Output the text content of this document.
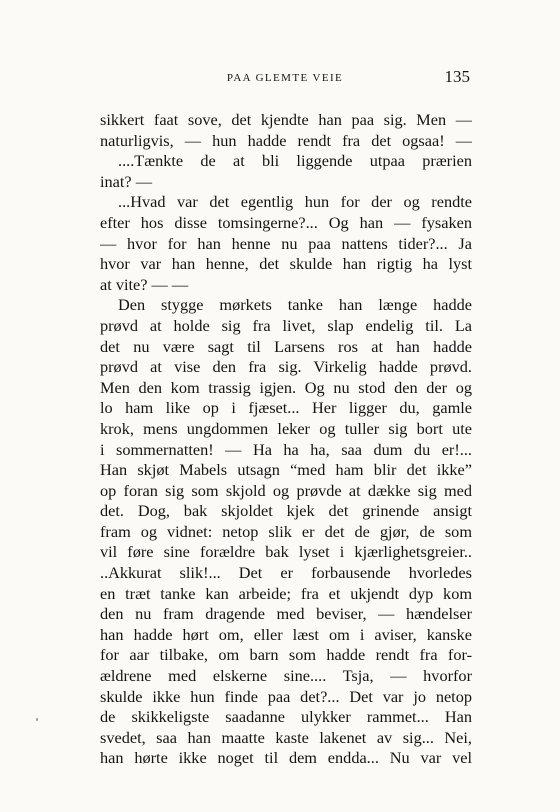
PAA GLEMTE VEIE	135
sikkert faat sove, det kjendte han paa sig. Men —
naturligvis, — hun hadde rendt fra det ogsaa! —
....Tænkte de at bli liggende utpaa prærien
inat? —
...Hvad var det egentlig hun for der og rendte
efter hos disse tomsingerne?... Og han — fysaken
— hvor for han henne nu paa nattens tider?... Ja
hvor var han henne, det skulde han rigtig ha lyst
at vite? — —
Den stygge mørkets tanke han længe hadde
prøvd at holde sig fra livet, slap endelig til. La
det nu være sagt til Larsens ros at han hadde
prøvd at vise den fra sig. Virkelig hadde prøvd.
Men den kom trassig igjen. Og nu stod den der og
lo ham like op i fjæset... Her ligger du, gamle
krok, mens ungdommen leker og tuller sig bort ute
i sommernatten! — Ha ha ha, saa dum du er!...
Han skjøt Mabels utsagn “med ham blir det ikke”
op foran sig som skjold og prøvde at dække sig med
det. Dog, bak skjoldet kjek det grinende ansigt
fram og vidnet: netop slik er det de gjør, de som
vil føre sine forældre bak lyset i kjærlighetsgreier..
..Akkurat slik!... Det er forbausende hvorledes
en træt tanke kan arbeide; fra et ukjendt dyp kom
den nu fram dragende med beviser, — hændelser
han hadde hørt om, eller læst om i aviser, kanske
for aar tilbake, om barn som hadde rendt fra for-
ældrene med elskerne sine.... Tsja, — hvorfor
skulde ikke hun finde paa det?... Det var jo netop
de skikkeligste saadanne ulykker rammet... Han
svedet, saa han maatte kaste lakenet av sig... Nei,
han hørte ikke noget til dem endda... Nu var vel
